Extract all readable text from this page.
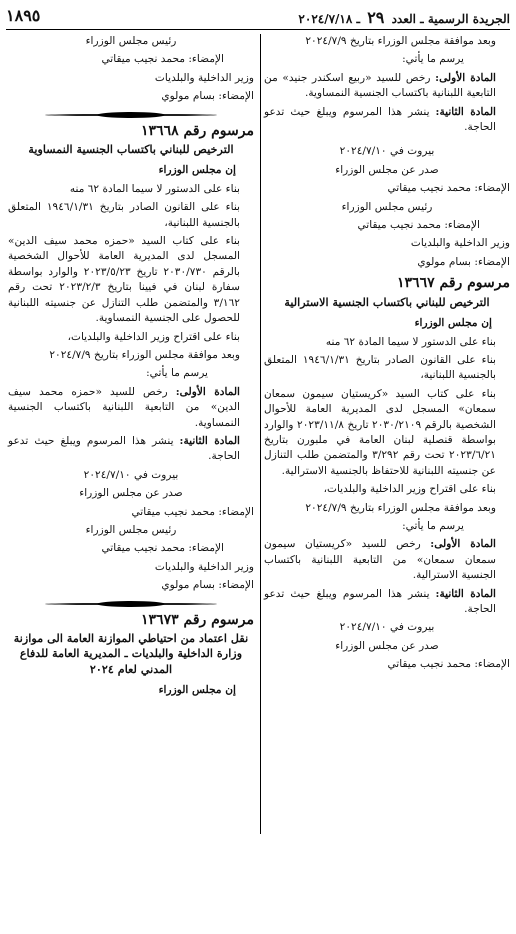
الجريدة الرسمية ـ العدد ٢٩ ـ ٢٠٢٤/٧/١٨
١٨٩٥

وبعد موافقة مجلس الوزراء بتاريخ ٢٠٢٤/٧/٩

يرسم ما يأتي:

المادة الأولى: رخص للسيد «ربيع اسكندر جنيد» من التابعية اللبنانية باكتساب الجنسية النمساوية.

المادة الثانية: ينشر هذا المرسوم ويبلغ حيث تدعو الحاجة.

بيروت في ٢٠٢٤/٧/١٠

صدر عن مجلس الوزراء

الإمضاء: محمد نجيب ميقاتي

رئيس مجلس الوزراء

الإمضاء: محمد نجيب ميقاتي

وزير الداخلية والبلديات

الإمضاء: بسام مولوي

مرسوم رقم ١٣٦٦٧
الترخيص للبناني باكتساب الجنسية الاسترالية

إن مجلس الوزراء

بناء على الدستور لا سيما المادة ٦٢ منه

بناء على القانون الصادر بتاريخ ١٩٤٦/١/٣١ المتعلق بالجنسية اللبنانية،

بناء على كتاب السيد «كريستيان سيمون سمعان سمعان» المسجل لدى المديرية العامة للأحوال الشخصية بالرقم ٢٠٣٠/٢١٠٩ تاريخ ٢٠٢٣/١١/٨ والوارد بواسطة قنصلية لبنان العامة في ملبورن بتاريخ ٢٠٢٣/٦/٢١ تحت رقم ٣/٢٩٢ والمتضمن طلب التنازل عن جنسيته اللبنانية للاحتفاظ بالجنسية الاسترالية.

بناء على اقتراح وزير الداخلية والبلديات،

وبعد موافقة مجلس الوزراء بتاريخ ٢٠٢٤/٧/٩

يرسم ما يأتي:

المادة الأولى: رخص للسيد «كريستيان سيمون سمعان سمعان» من التابعية اللبنانية باكتساب الجنسية الاسترالية.

المادة الثانية: ينشر هذا المرسوم ويبلغ حيث تدعو الحاجة.

بيروت في ٢٠٢٤/٧/١٠

صدر عن مجلس الوزراء

الإمضاء: محمد نجيب ميقاتي

رئيس مجلس الوزراء

الإمضاء: محمد نجيب ميقاتي

وزير الداخلية والبلديات

الإمضاء: بسام مولوي

مرسوم رقم ١٣٦٦٨
الترخيص للبناني باكتساب الجنسية النمساوية

إن مجلس الوزراء

بناء على الدستور لا سيما المادة ٦٢ منه

بناء على القانون الصادر بتاريخ ١٩٤٦/١/٣١ المتعلق بالجنسية اللبنانية،

بناء على كتاب السيد «حمزه محمد سيف الدين» المسجل لدى المديرية العامة للأحوال الشخصية بالرقم ٢٠٣٠/٧٣٠ تاريخ ٢٠٢٣/٥/٢٣ والوارد بواسطة سفارة لبنان في فيينا بتاريخ ٢٠٢٣/٢/٣ تحت رقم ٣/١٦٢ والمتضمن طلب التنازل عن جنسيته اللبنانية للحصول على الجنسية النمساوية.

بناء على اقتراح وزير الداخلية والبلديات،

وبعد موافقة مجلس الوزراء بتاريخ ٢٠٢٤/٧/٩

يرسم ما يأتي:

المادة الأولى: رخص للسيد «حمزه محمد سيف الدين» من التابعية اللبنانية باكتساب الجنسية النمساوية.

المادة الثانية: ينشر هذا المرسوم ويبلغ حيث تدعو الحاجة.

بيروت في ٢٠٢٤/٧/١٠

صدر عن مجلس الوزراء

الإمضاء: محمد نجيب ميقاتي

رئيس مجلس الوزراء

الإمضاء: محمد نجيب ميقاتي

وزير الداخلية والبلديات

الإمضاء: بسام مولوي

مرسوم رقم ١٣٦٧٣
نقل اعتماد من احتياطي الموازنة العامة الى موازنة وزارة الداخلية والبلديات ـ المديرية العامة للدفاع المدني لعام ٢٠٢٤

إن مجلس الوزراء
